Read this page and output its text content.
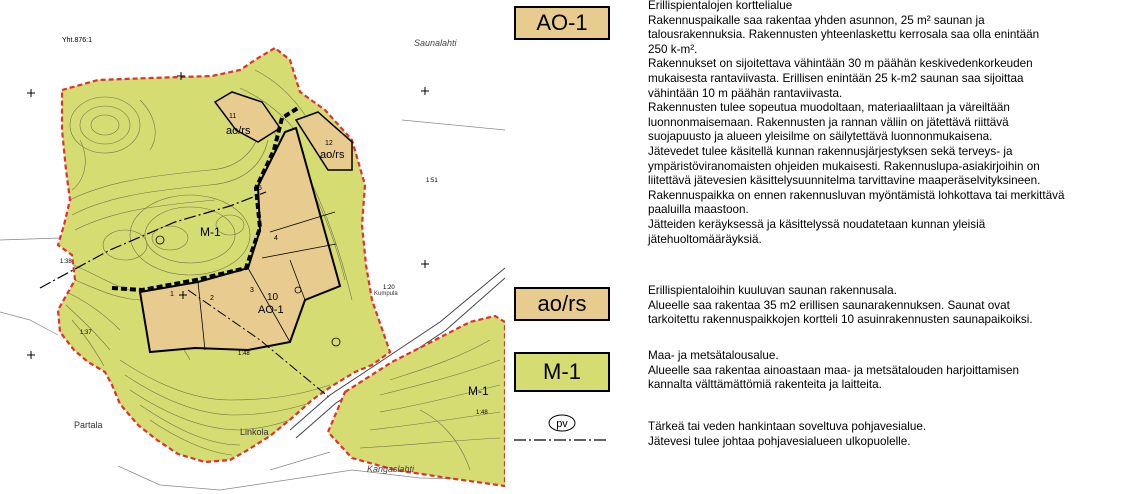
Yht.876:1	Saunalahti
Linkola
Partala
Kangaslahti
Kumpula
ao/rs
ao/rs
M-1
10
AO-1
M-1
1:51
1:20
1:48
1:48
1:37
1:38
1
2
3
4
5
11
12
AO-1
ao/rs
M-1
pv
Erillispientalojen korttelialue
Rakennuspaikalle saa rakentaa yhden asunnon, 25 m² saunan ja
talousrakennuksia. Rakennusten yhteenlaskettu kerrosala saa olla enintään
250 k-m².
Rakennukset on sijoitettava vähintään 30 m päähän keskivedenkorkeuden
mukaisesta rantaviivasta. Erillisen enintään 25 k-m2 saunan saa sijoittaa
vähintään 10 m päähän rantaviivasta.
Rakennusten tulee sopeutua muodoltaan, materiaaliltaan ja väreiltään
luonnonmaisemaan. Rakennusten ja rannan väliin on jätettävä riittävä
suojapuusto ja alueen yleisilme on säilytettävä luonnonmukaisena.
Jätevedet tulee käsitellä kunnan rakennusjärjestyksen sekä terveys- ja
ympäristöviranomaisten ohjeiden mukaisesti. Rakennuslupa-asiakirjoihin on
liitettävä jätevesien käsittelysuunnitelma tarvittavine maaperäselvityksineen.
Rakennuspaikka on ennen rakennusluvan myöntämistä lohkottava tai merkittävä
paaluilla maastoon.
Jätteiden keräyksessä ja käsittelyssä noudatetaan kunnan yleisiä
jätehuoltomääräyksiä.
Erillispientaloihin kuuluvan saunan rakennusala.
Alueelle saa rakentaa 35 m2 erillisen saunarakennuksen. Saunat ovat
tarkoitettu rakennuspaikkojen kortteli 10 asuinrakennusten saunapaikoiksi.
Maa- ja metsätalousalue.
Alueelle saa rakentaa ainoastaan maa- ja metsätalouden harjoittamisen
kannalta välttämättömiä rakenteita ja laitteita.
Tärkeä tai veden hankintaan soveltuva pohjavesialue.
Jätevesi tulee johtaa pohjavesialueen ulkopuolelle.
